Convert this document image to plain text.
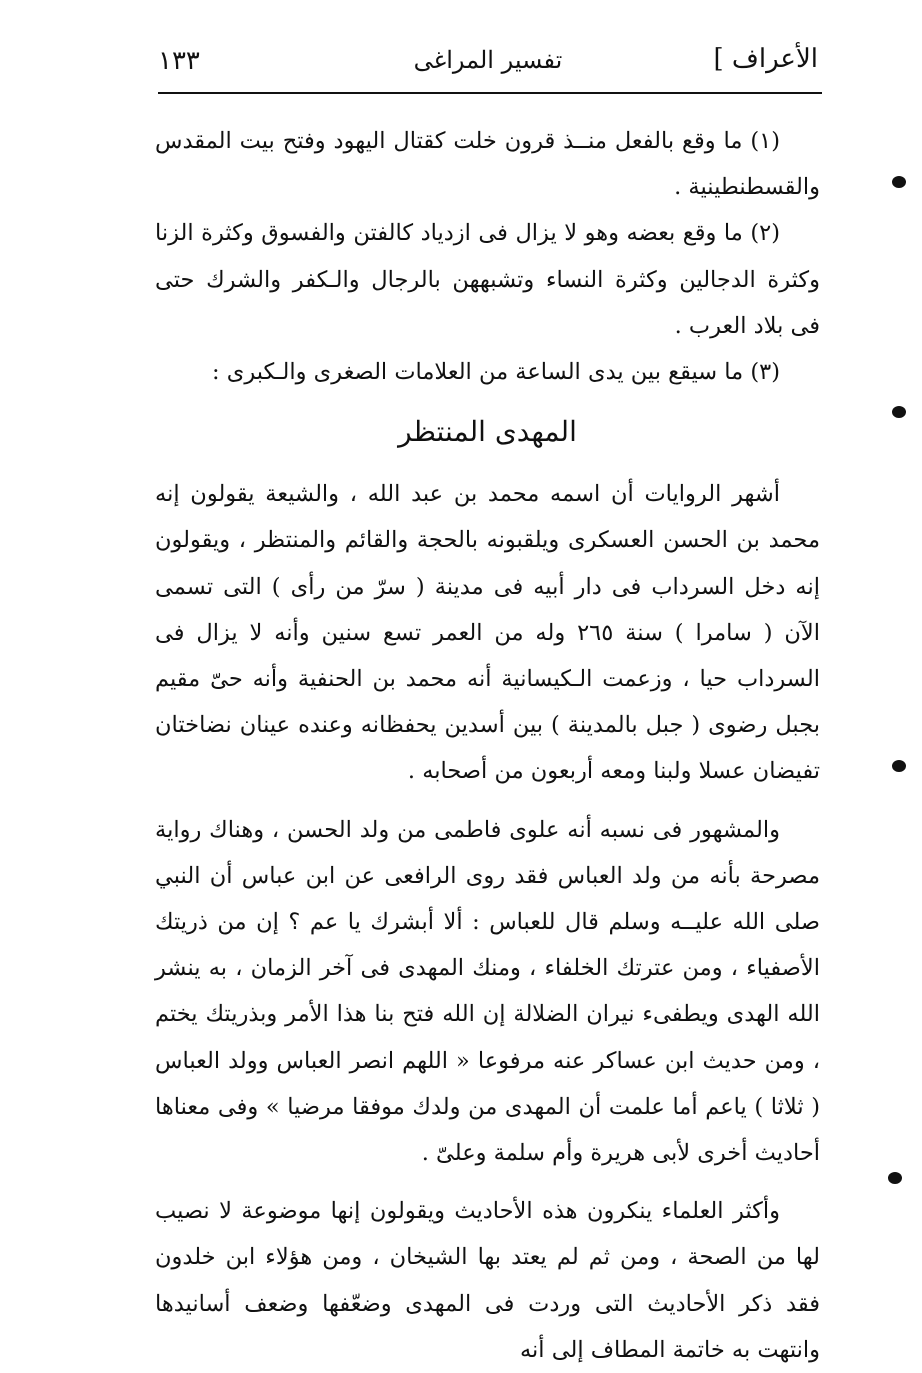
الأعراف ]
تفسير المراغى
١٣٣

(١) ما وقع بالفعل منــذ قرون خلت كقتال اليهود وفتح بيت المقدس والقسطنطينية .

(٢) ما وقع بعضه وهو لا يزال فى ازدياد كالفتن والفسوق وكثرة الزنا وكثرة الدجالين وكثرة النساء وتشبههن بالرجال والـكفر والشرك حتى فى بلاد العرب .

(٣) ما سيقع بين يدى الساعة من العلامات الصغرى والـكبرى :

المهدى المنتظر

أشهر الروايات أن اسمه محمد بن عبد الله ، والشيعة يقولون إنه محمد بن الحسن العسكرى ويلقبونه بالحجة والقائم والمنتظر ، ويقولون إنه دخل السرداب فى دار أبيه فى مدينة ( سرّ من رأى ) التى تسمى الآن ( سامرا ) سنة ٢٦٥ وله من العمر تسع سنين وأنه لا يزال فى السرداب حيا ، وزعمت الـكيسانية أنه محمد بن الحنفية وأنه حىّ مقيم بجبل رضوى ( جبل بالمدينة ) بين أسدين يحفظانه وعنده عينان نضاختان تفيضان عسلا ولبنا ومعه أربعون من أصحابه .

والمشهور فى نسبه أنه علوى فاطمى من ولد الحسن ، وهناك رواية مصرحة بأنه من ولد العباس فقد روى الرافعى عن ابن عباس أن النبي صلى الله عليــه وسلم قال للعباس : ألا أبشرك يا عم ؟ إن من ذريتك الأصفياء ، ومن عترتك الخلفاء ، ومنك المهدى فى آخر الزمان ، به ينشر الله الهدى ويطفىء نيران الضلالة إن الله فتح بنا هذا الأمر وبذريتك يختم ، ومن حديث ابن عساكر عنه مرفوعا « اللهم انصر العباس وولد العباس ( ثلاثا ) ياعم أما علمت أن المهدى من ولدك موفقا مرضيا » وفى معناها أحاديث أخرى لأبى هريرة وأم سلمة وعلىّ .

وأكثر العلماء ينكرون هذه الأحاديث ويقولون إنها موضوعة لا نصيب لها من الصحة ، ومن ثم لم يعتد بها الشيخان ، ومن هؤلاء ابن خلدون فقد ذكر الأحاديث التى وردت فى المهدى وضعّفها وضعف أسانيدها وانتهت به خاتمة المطاف إلى أنه
